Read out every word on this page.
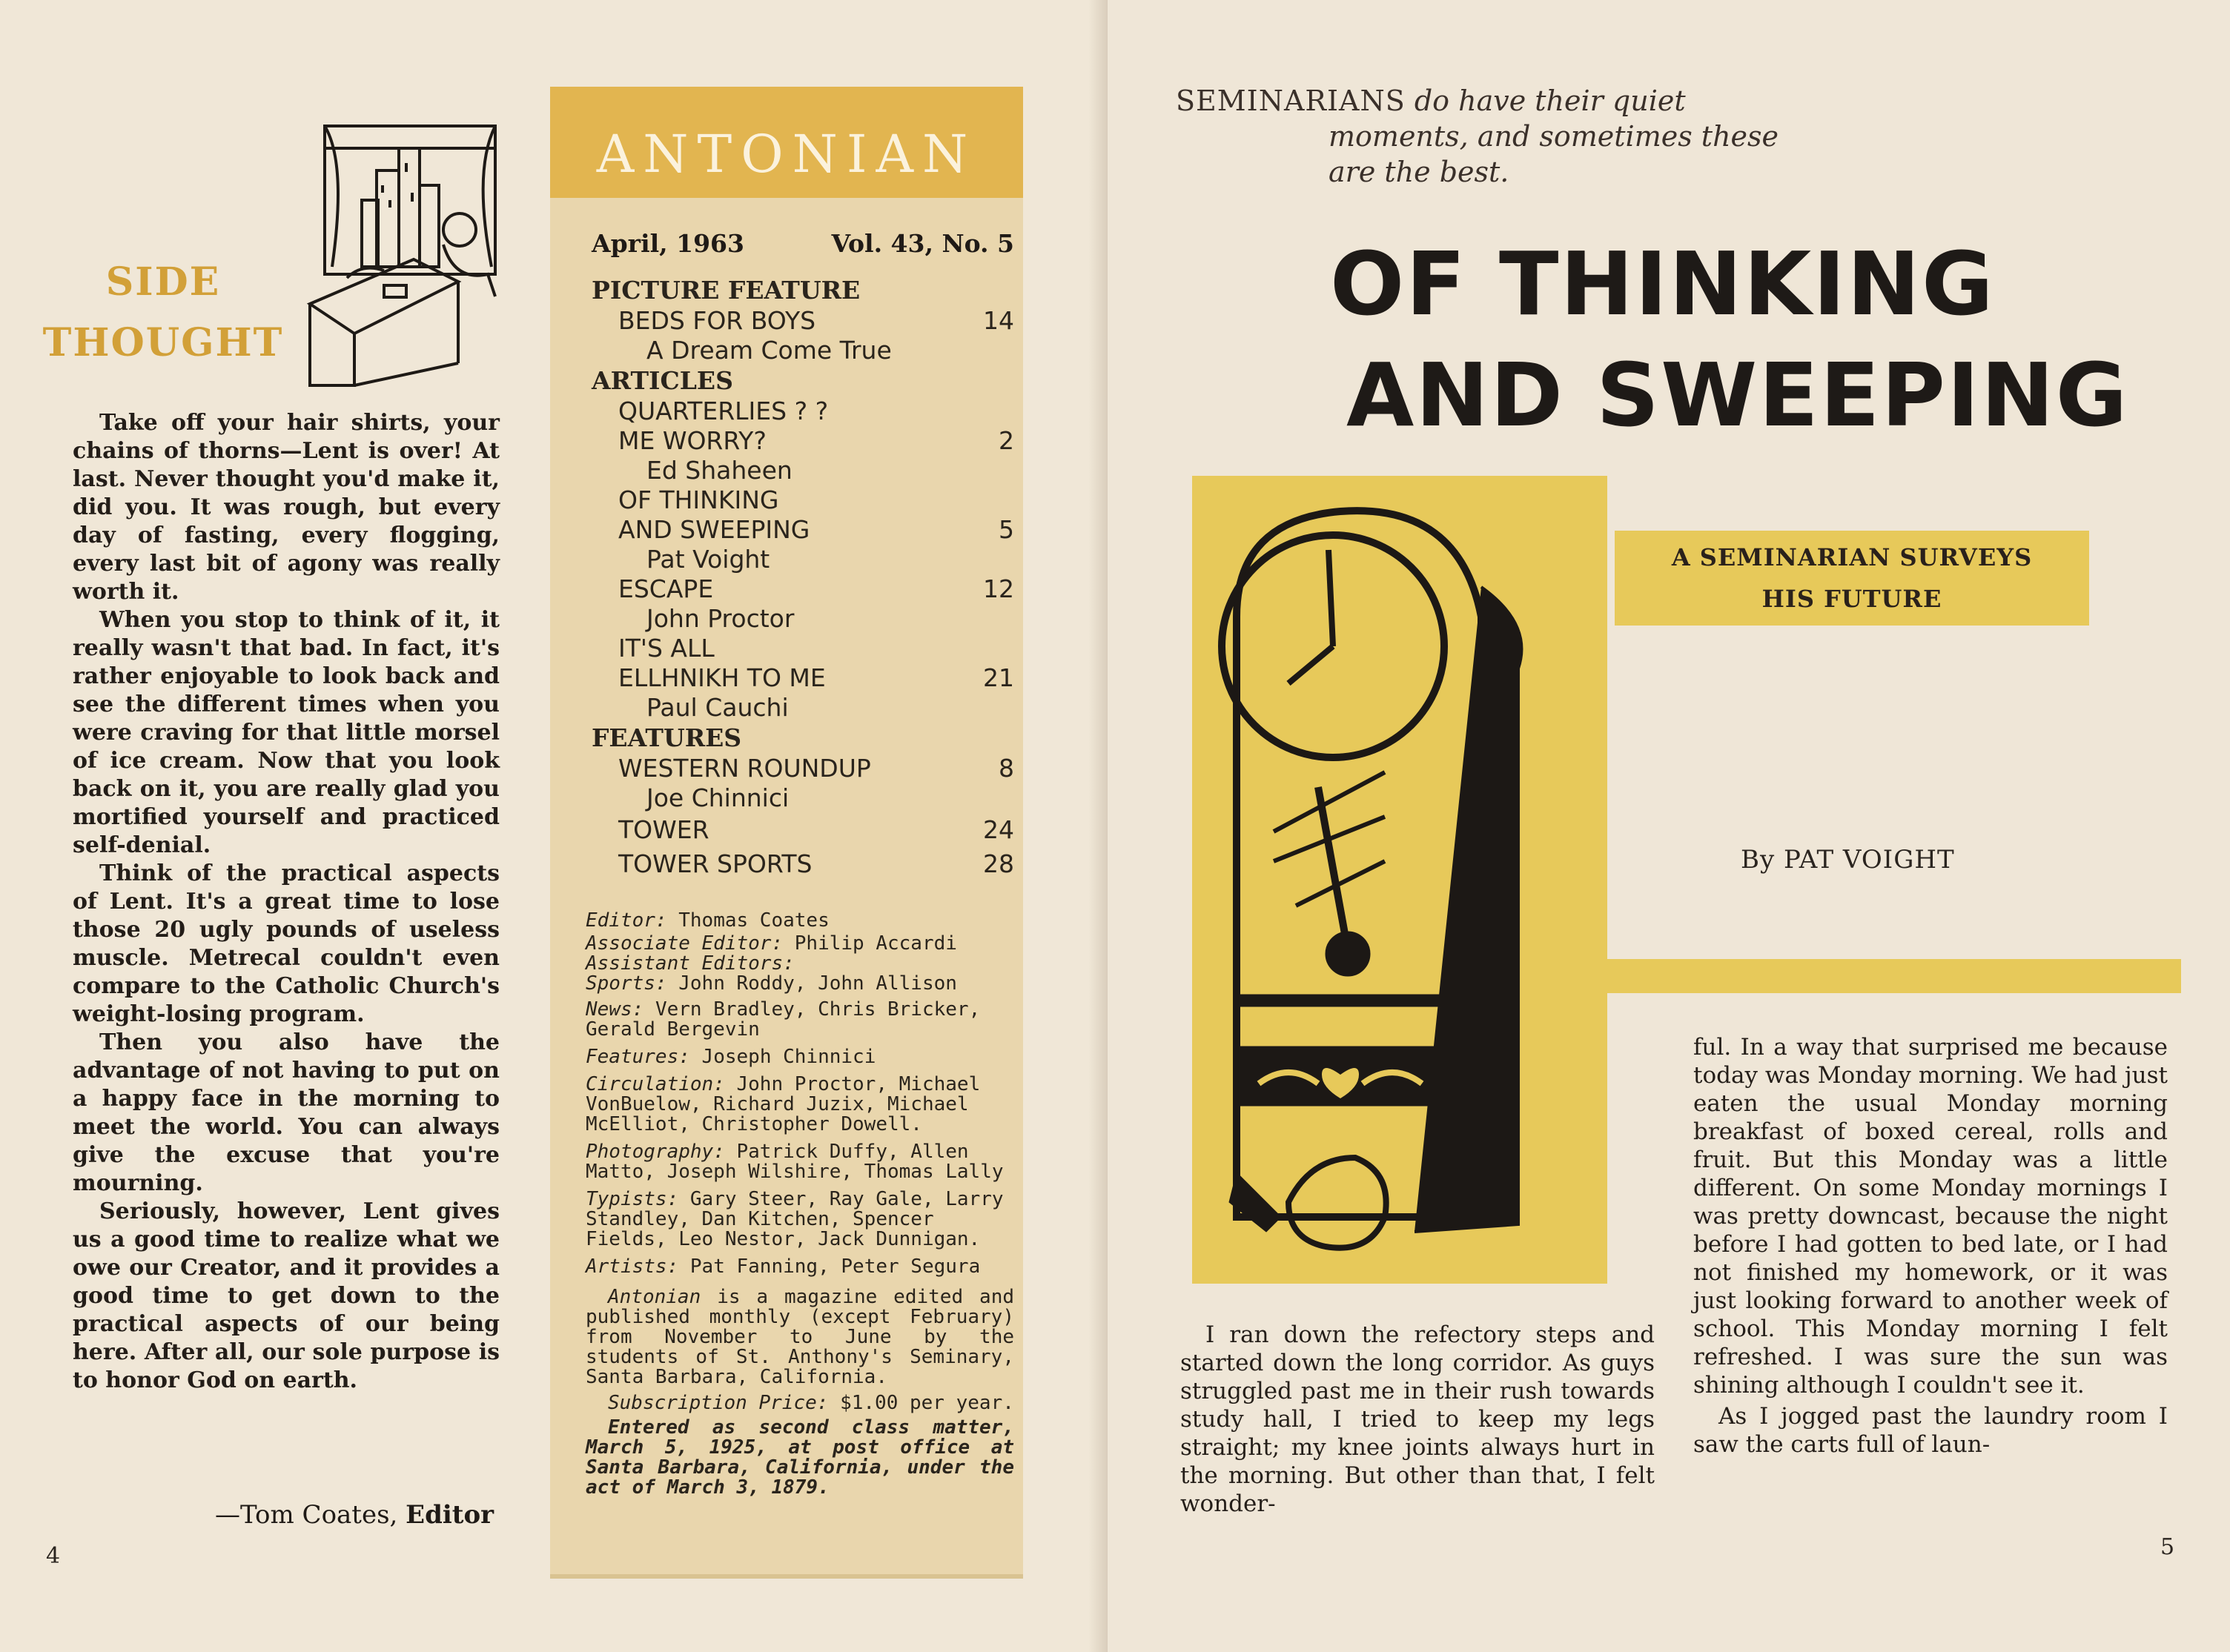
SIDE
THOUGHT

Take off your hair shirts, your chains of thorns—Lent is over! At last. Never thought you'd make it, did you. It was rough, but every day of fasting, every flogging, every last bit of agony was really worth it.

When you stop to think of it, it really wasn't that bad. In fact, it's rather enjoyable to look back and see the different times when you were craving for that little morsel of ice cream. Now that you look back on it, you are really glad you mortified yourself and practiced self-denial.

Think of the practical aspects of Lent. It's a great time to lose those 20 ugly pounds of useless muscle. Metrecal couldn't even compare to the Catholic Church's weight-losing program.

Then you also have the advantage of not having to put on a happy face in the morning to meet the world. You can always give the excuse that you're mourning.

Seriously, however, Lent gives us a good time to realize what we owe our Creator, and it provides a good time to get down to the practical aspects of our being here. After all, our sole purpose is to honor God on earth.

—Tom Coates, Editor
4
ANTONIAN
April, 1963	Vol. 43, No. 5
PICTURE FEATURE
BEDS FOR BOYS	14
A Dream Come True
ARTICLES
QUARTERLIES ? ?
ME WORRY?	2
Ed Shaheen
OF THINKING
AND SWEEPING	5
Pat Voight
ESCAPE	12
John Proctor
IT'S ALL
ELLHNIKH TO ME	21
Paul Cauchi
FEATURES
WESTERN ROUNDUP	8
Joe Chinnici
TOWER	24
TOWER SPORTS	28
Editor: Thomas Coates
Associate Editor: Philip Accardi
Assistant Editors:
Sports: John Roddy, John Allison
News: Vern Bradley, Chris Bricker, Gerald Bergevin
Features: Joseph Chinnici
Circulation: John Proctor, Michael VonBuelow, Richard Juzix, Michael McElliot, Christopher Dowell.
Photography: Patrick Duffy, Allen Matto, Joseph Wilshire, Thomas Lally
Typists: Gary Steer, Ray Gale, Larry Standley, Dan Kitchen, Spencer Fields, Leo Nestor, Jack Dunnigan.
Artists: Pat Fanning, Peter Segura
Antonian is a magazine edited and published monthly (except February) from November to June by the students of St. Anthony's Seminary, Santa Barbara, California.
Subscription Price: $1.00 per year.
Entered as second class matter, March 5, 1925, at post office at Santa Barbara, California, under the act of March 3, 1879.
SEMINARIANS do have their quiet
moments, and sometimes these
are the best.
OF THINKING
AND SWEEPING
A SEMINARIAN SURVEYS
HIS FUTURE
By PAT VOIGHT

I ran down the refectory steps and started down the long corridor. As guys struggled past me in their rush towards study hall, I tried to keep my legs straight; my knee joints always hurt in the morning. But other than that, I felt wonder-

ful. In a way that surprised me because today was Monday morning. We had just eaten the usual Monday morning breakfast of boxed cereal, rolls and fruit. But this Monday was a little different. On some Monday mornings I was pretty downcast, because the night before I had gotten to bed late, or I had not finished my homework, or it was just looking forward to another week of school. This Monday morning I felt refreshed. I was sure the sun was shining although I couldn't see it.

As I jogged past the laundry room I saw the carts full of laun-

5
